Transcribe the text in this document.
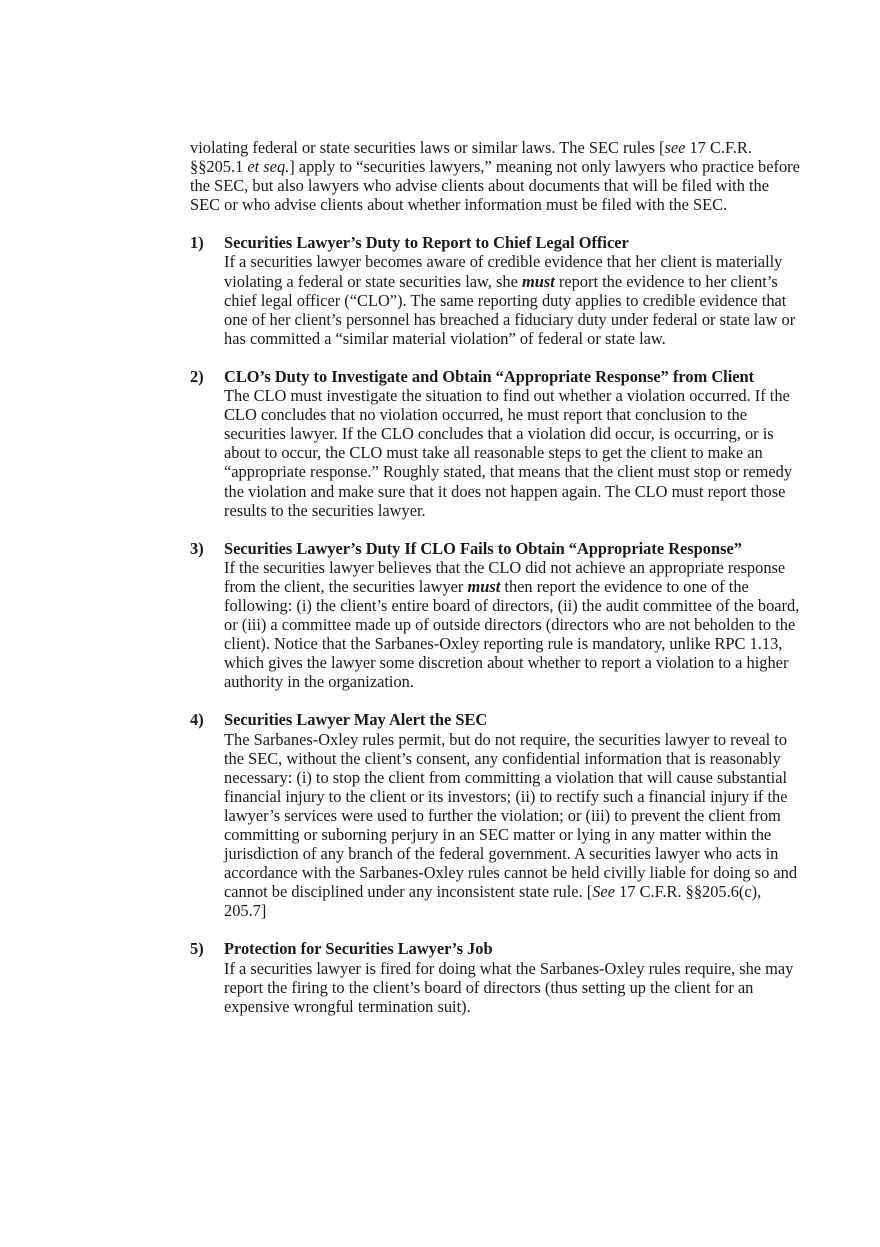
violating federal or state securities laws or similar laws. The SEC rules [see 17 C.F.R. §§205.1 et seq.] apply to “securities lawyers,” meaning not only lawyers who practice before the SEC, but also lawyers who advise clients about documents that will be filed with the SEC or who advise clients about whether information must be filed with the SEC.

1) Securities Lawyer’s Duty to Report to Chief Legal Officer

If a securities lawyer becomes aware of credible evidence that her client is materially violating a federal or state securities law, she must report the evidence to her client’s chief legal officer (“CLO”). The same reporting duty applies to credible evidence that one of her client’s personnel has breached a fiduciary duty under federal or state law or has committed a “similar material violation” of federal or state law.

2) CLO’s Duty to Investigate and Obtain “Appropriate Response” from Client

The CLO must investigate the situation to find out whether a violation occurred. If the CLO concludes that no violation occurred, he must report that conclusion to the securities lawyer. If the CLO concludes that a violation did occur, is occurring, or is about to occur, the CLO must take all reasonable steps to get the client to make an “appropriate response.” Roughly stated, that means that the client must stop or remedy the violation and make sure that it does not happen again. The CLO must report those results to the securities lawyer.

3) Securities Lawyer’s Duty If CLO Fails to Obtain “Appropriate Response”

If the securities lawyer believes that the CLO did not achieve an appropriate response from the client, the securities lawyer must then report the evidence to one of the following: (i) the client’s entire board of directors, (ii) the audit committee of the board, or (iii) a committee made up of outside directors (directors who are not beholden to the client). Notice that the Sarbanes-Oxley reporting rule is mandatory, unlike RPC 1.13, which gives the lawyer some discretion about whether to report a violation to a higher authority in the organization.

4) Securities Lawyer May Alert the SEC

The Sarbanes-Oxley rules permit, but do not require, the securities lawyer to reveal to the SEC, without the client’s consent, any confidential information that is reasonably necessary: (i) to stop the client from committing a violation that will cause substantial financial injury to the client or its investors; (ii) to rectify such a financial injury if the lawyer’s services were used to further the violation; or (iii) to prevent the client from committing or suborning perjury in an SEC matter or lying in any matter within the jurisdiction of any branch of the federal government. A securities lawyer who acts in accordance with the Sarbanes-Oxley rules cannot be held civilly liable for doing so and cannot be disciplined under any inconsistent state rule. [See 17 C.F.R. §§205.6(c), 205.7]

5) Protection for Securities Lawyer’s Job

If a securities lawyer is fired for doing what the Sarbanes-Oxley rules require, she may report the firing to the client’s board of directors (thus setting up the client for an expensive wrongful termination suit).
